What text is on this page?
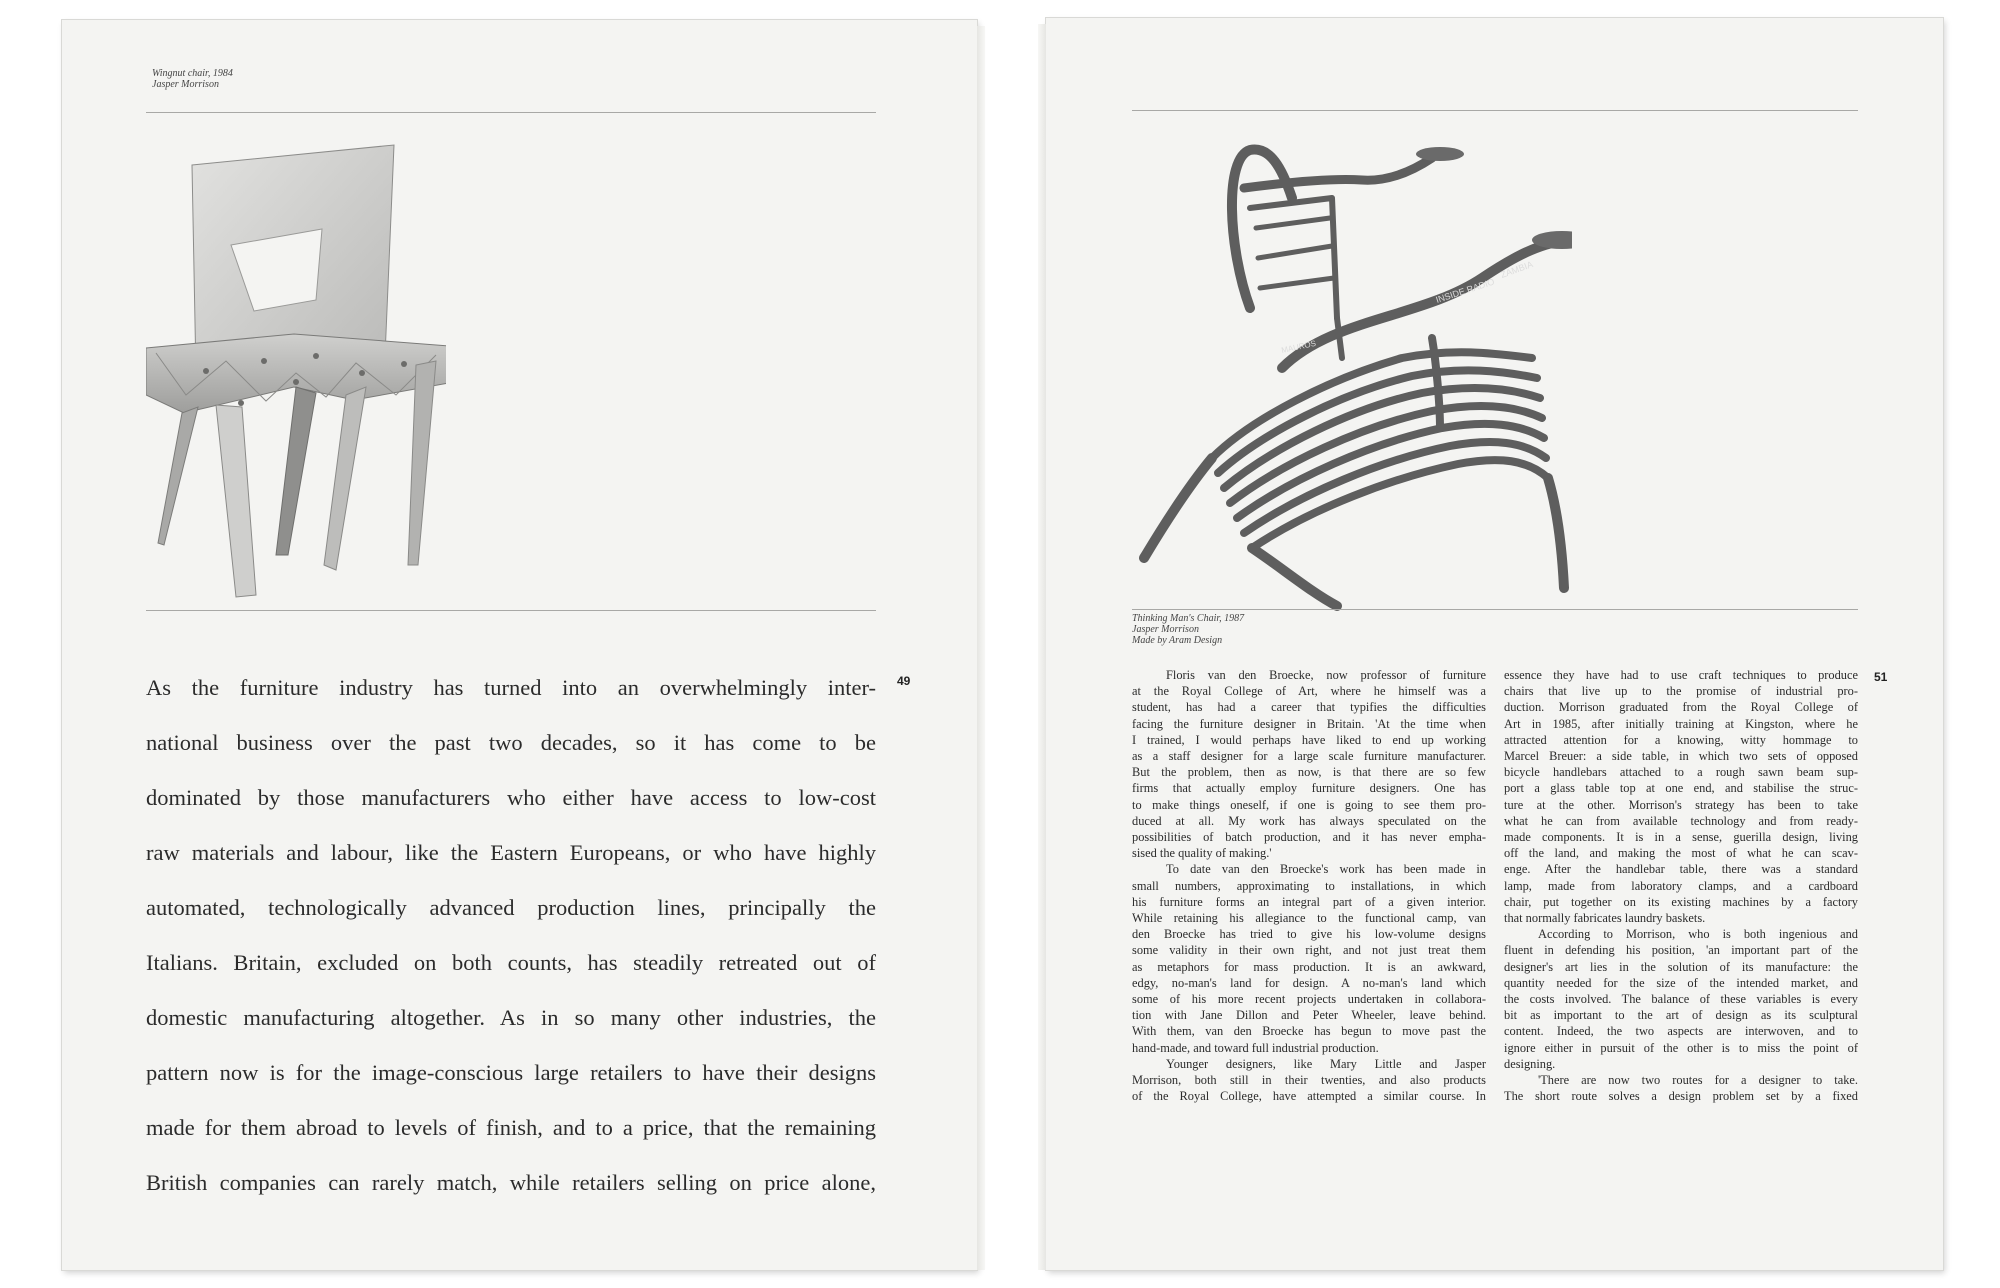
Wingnut chair, 1984
Jasper Morrison
49
As the furniture industry has turned into an overwhelmingly inter-
national business over the past two decades, so it has come to be
dominated by those manufacturers who either have access to low-cost
raw materials and labour, like the Eastern Europeans, or who have highly
automated, technologically advanced production lines, principally the
Italians. Britain, excluded on both counts, has steadily retreated out of
domestic manufacturing altogether. As in so many other industries, the
pattern now is for the image-conscious large retailers to have their designs
made for them abroad to levels of finish, and to a price, that the remaining
British companies can rarely match, while retailers selling on price alone,
INSIDE RADIO
ZAMBIA
MAUROS
Thinking Man's Chair, 1987
Jasper Morrison
Made by Aram Design
51
Floris van den Broecke, now professor of furniture
at the Royal College of Art, where he himself was a
student, has had a career that typifies the difficulties
facing the furniture designer in Britain. 'At the time when
I trained, I would perhaps have liked to end up working
as a staff designer for a large scale furniture manufacturer.
But the problem, then as now, is that there are so few
firms that actually employ furniture designers. One has
to make things oneself, if one is going to see them pro-
duced at all. My work has always speculated on the
possibilities of batch production, and it has never empha-
sised the quality of making.'
To date van den Broecke's work has been made in
small numbers, approximating to installations, in which
his furniture forms an integral part of a given interior.
While retaining his allegiance to the functional camp, van
den Broecke has tried to give his low-volume designs
some validity in their own right, and not just treat them
as metaphors for mass production. It is an awkward,
edgy, no-man's land for design. A no-man's land which
some of his more recent projects undertaken in collabora-
tion with Jane Dillon and Peter Wheeler, leave behind.
With them, van den Broecke has begun to move past the
hand-made, and toward full industrial production.
Younger designers, like Mary Little and Jasper
Morrison, both still in their twenties, and also products
of the Royal College, have attempted a similar course. In
essence they have had to use craft techniques to produce
chairs that live up to the promise of industrial pro-
duction. Morrison graduated from the Royal College of
Art in 1985, after initially training at Kingston, where he
attracted attention for a knowing, witty hommage to
Marcel Breuer: a side table, in which two sets of opposed
bicycle handlebars attached to a rough sawn beam sup-
port a glass table top at one end, and stabilise the struc-
ture at the other. Morrison's strategy has been to take
what he can from available technology and from ready-
made components. It is in a sense, guerilla design, living
off the land, and making the most of what he can scav-
enge. After the handlebar table, there was a standard
lamp, made from laboratory clamps, and a cardboard
chair, put together on its existing machines by a factory
that normally fabricates laundry baskets.
According to Morrison, who is both ingenious and
fluent in defending his position, 'an important part of the
designer's art lies in the solution of its manufacture: the
quantity needed for the size of the intended market, and
the costs involved. The balance of these variables is every
bit as important to the art of design as its sculptural
content. Indeed, the two aspects are interwoven, and to
ignore either in pursuit of the other is to miss the point of
designing.
'There are now two routes for a designer to take.
The short route solves a design problem set by a fixed
